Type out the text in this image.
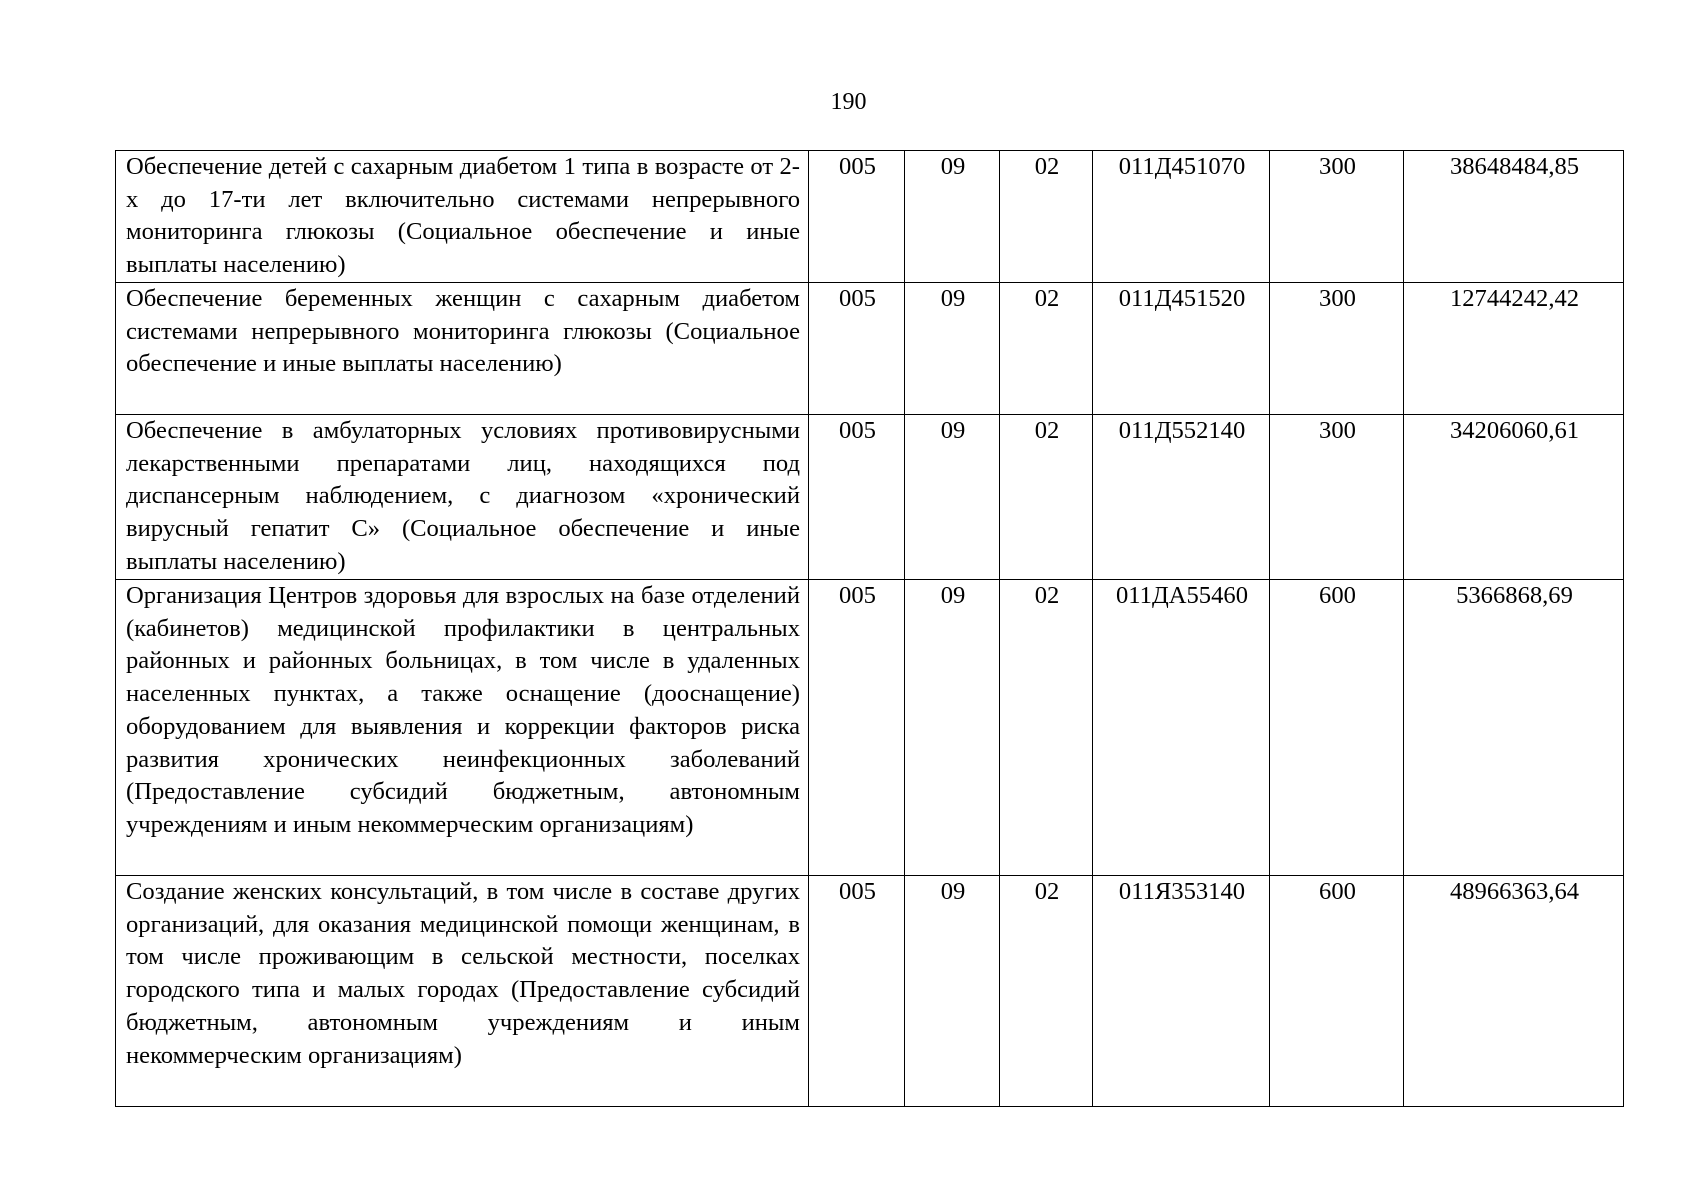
190
Обеспечение детей с сахарным диабетом 1 типа в возрасте от 2-х до 17-ти лет включительно системами непрерывного мониторинга глюкозы (Социальное обеспечение и иные выплаты населению)	005	09	02	011Д451070	300	38648484,85
Обеспечение беременных женщин с сахарным диабетом системами непрерывного мониторинга глюкозы (Социальное обеспечение и иные выплаты населению)	005	09	02	011Д451520	300	12744242,42
Обеспечение в амбулаторных условиях противовирусными лекарственными препаратами лиц, находящихся под диспансерным наблюдением, с диагнозом «хронический вирусный гепатит С» (Социальное обеспечение и иные выплаты населению)	005	09	02	011Д552140	300	34206060,61
Организация Центров здоровья для взрослых на базе отделений (кабинетов) медицинской профилактики в центральных районных и районных больницах, в том числе в удаленных населенных пунктах, а также оснащение (дооснащение) оборудованием для выявления и коррекции факторов риска развития хронических неинфекционных заболеваний (Предоставление субсидий бюджетным, автономным учреждениям и иным некоммерческим организациям)	005	09	02	011ДА55460	600	5366868,69
Создание женских консультаций, в том числе в составе других организаций, для оказания медицинской помощи женщинам, в том числе проживающим в сельской местности, поселках городского типа и малых городах (Предоставление субсидий бюджетным, автономным учреждениям и иным некоммерческим организациям)	005	09	02	011Я353140	600	48966363,64
